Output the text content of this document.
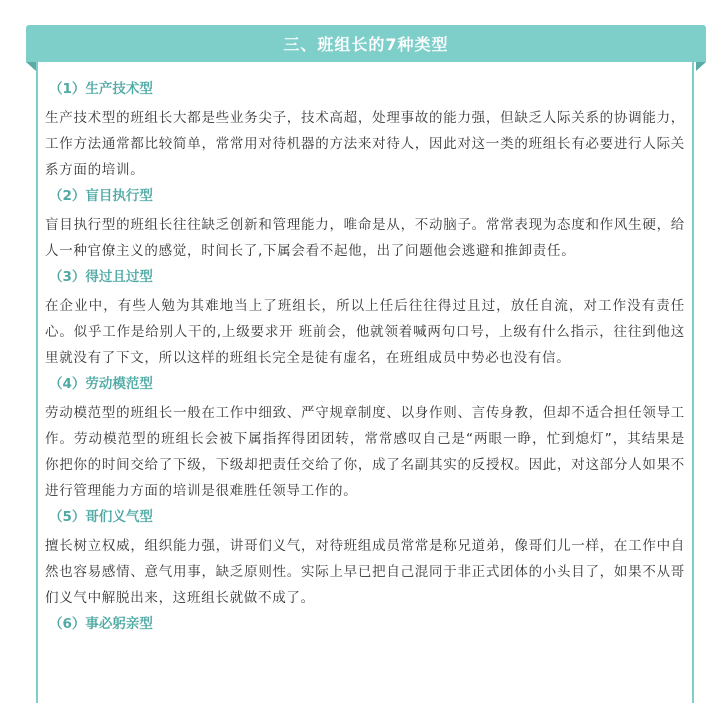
三、班组长的7种类型
（1）生产技术型

生产技术型的班组长大都是些业务尖子，技术高超，处理事故的能力强，但缺乏人际关系的协调能力，工作方法通常都比较简单，常常用对待机器的方法来对待人，因此对这一类的班组长有必要进行人际关系方面的培训。

（2）盲目执行型

盲目执行型的班组长往往缺乏创新和管理能力，唯命是从，不动脑子。常常表现为态度和作风生硬，给人一种官僚主义的感觉，时间长了,下属会看不起他，出了问题他会逃避和推卸责任。

（3）得过且过型

在企业中，有些人勉为其难地当上了班组长，所以上任后往往得过且过，放任自流，对工作没有责任心。似乎工作是给别人干的,上级要求开 班前会，他就领着喊两句口号，上级有什么指示，往往到他这里就没有了下文，所以这样的班组长完全是徒有虚名，在班组成员中势必也没有信。

（4）劳动模范型

劳动模范型的班组长一般在工作中细致、严守规章制度、以身作则、言传身教，但却不适合担任领导工作。劳动模范型的班组长会被下属指挥得团团转，常常感叹自己是“两眼一睁，忙到熄灯”，其结果是你把你的时间交给了下级，下级却把责任交给了你，成了名副其实的反授权。因此，对这部分人如果不进行管理能力方面的培训是很难胜任领导工作的。

（5）哥们义气型

擅长树立权威，组织能力强，讲哥们义气，对待班组成员常常是称兄道弟，像哥们儿一样，在工作中自然也容易感情、意气用事，缺乏原则性。实际上早已把自己混同于非正式团体的小头目了，如果不从哥们义气中解脱出来，这班组长就做不成了。

（6）事必躬亲型
